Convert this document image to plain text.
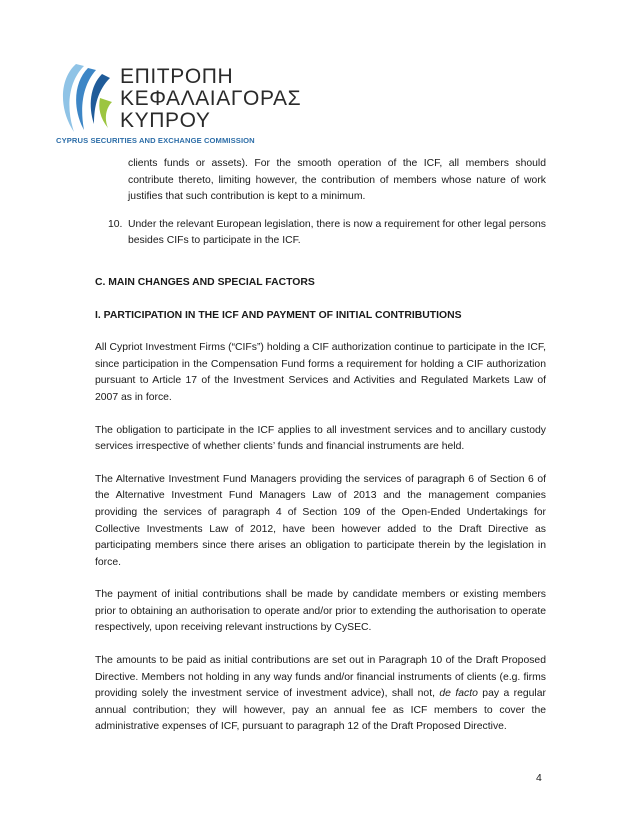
ΕΠΙΤΡΟΠΗ
ΚΕΦΑΛΑΙΑΓΟΡΑΣ
ΚΥΠΡΟΥ
CYPRUS SECURITIES AND EXCHANGE COMMISSION

clients funds or assets). For the smooth operation of the ICF, all members should contribute thereto, limiting however, the contribution of members whose nature of work justifies that such contribution is kept to a minimum.

10. Under the relevant European legislation, there is now a requirement for other legal persons besides CIFs to participate in the ICF.

C. MAIN CHANGES AND SPECIAL FACTORS

I. PARTICIPATION IN THE ICF AND PAYMENT OF INITIAL CONTRIBUTIONS

All Cypriot Investment Firms (“CIFs”) holding a CIF authorization continue to participate in the ICF, since participation in the Compensation Fund forms a requirement for holding a CIF authorization pursuant to Article 17 of the Investment Services and Activities and Regulated Markets Law of 2007 as in force.

The obligation to participate in the ICF applies to all investment services and to ancillary custody services irrespective of whether clients’ funds and financial instruments are held.

The Alternative Investment Fund Managers providing the services of paragraph 6 of Section 6 of the Alternative Investment Fund Managers Law of 2013 and the management companies providing the services of paragraph 4 of Section 109 of the Open-Ended Undertakings for Collective Investments Law of 2012, have been however added to the Draft Directive as participating members since there arises an obligation to participate therein by the legislation in force.

The payment of initial contributions shall be made by candidate members or existing members prior to obtaining an authorisation to operate and/or prior to extending the authorisation to operate respectively, upon receiving relevant instructions by CySEC.

The amounts to be paid as initial contributions are set out in Paragraph 10 of the Draft Proposed Directive. Members not holding in any way funds and/or financial instruments of clients (e.g. firms providing solely the investment service of investment advice), shall not, de facto pay a regular annual contribution; they will however, pay an annual fee as ICF members to cover the administrative expenses of ICF, pursuant to paragraph 12 of the Draft Proposed Directive.

4
